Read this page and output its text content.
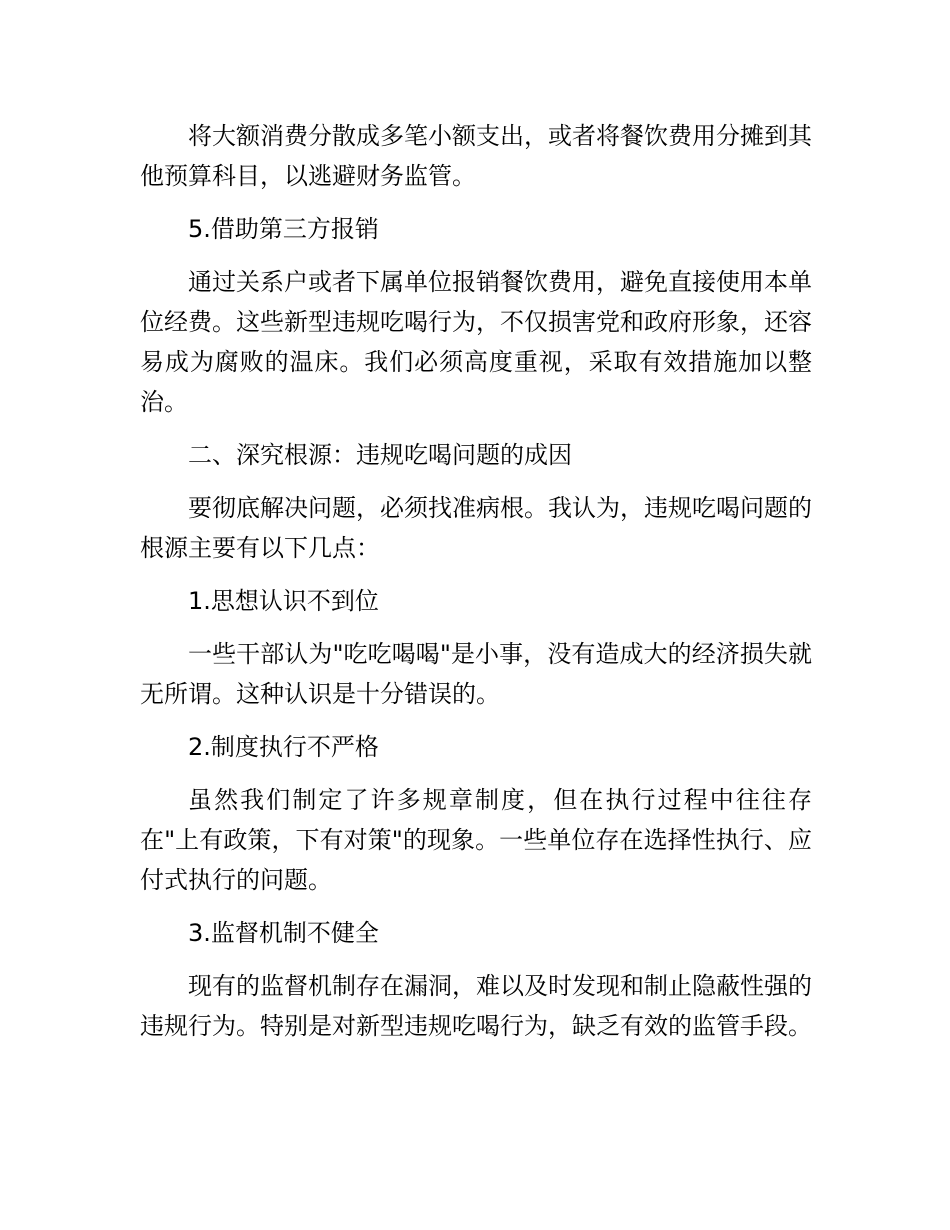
将大额消费分散成多笔小额支出，或者将餐饮费用分摊到其他预算科目，以逃避财务监管。

5.借助第三方报销

通过关系户或者下属单位报销餐饮费用，避免直接使用本单位经费。这些新型违规吃喝行为，不仅损害党和政府形象，还容易成为腐败的温床。我们必须高度重视，采取有效措施加以整治。

二、深究根源：违规吃喝问题的成因

要彻底解决问题，必须找准病根。我认为，违规吃喝问题的根源主要有以下几点：

1.思想认识不到位

一些干部认为"吃吃喝喝"是小事，没有造成大的经济损失就无所谓。这种认识是十分错误的。

2.制度执行不严格

虽然我们制定了许多规章制度，但在执行过程中往往存在"上有政策，下有对策"的现象。一些单位存在选择性执行、应付式执行的问题。

3.监督机制不健全

现有的监督机制存在漏洞，难以及时发现和制止隐蔽性强的违规行为。特别是对新型违规吃喝行为，缺乏有效的监管手段。
